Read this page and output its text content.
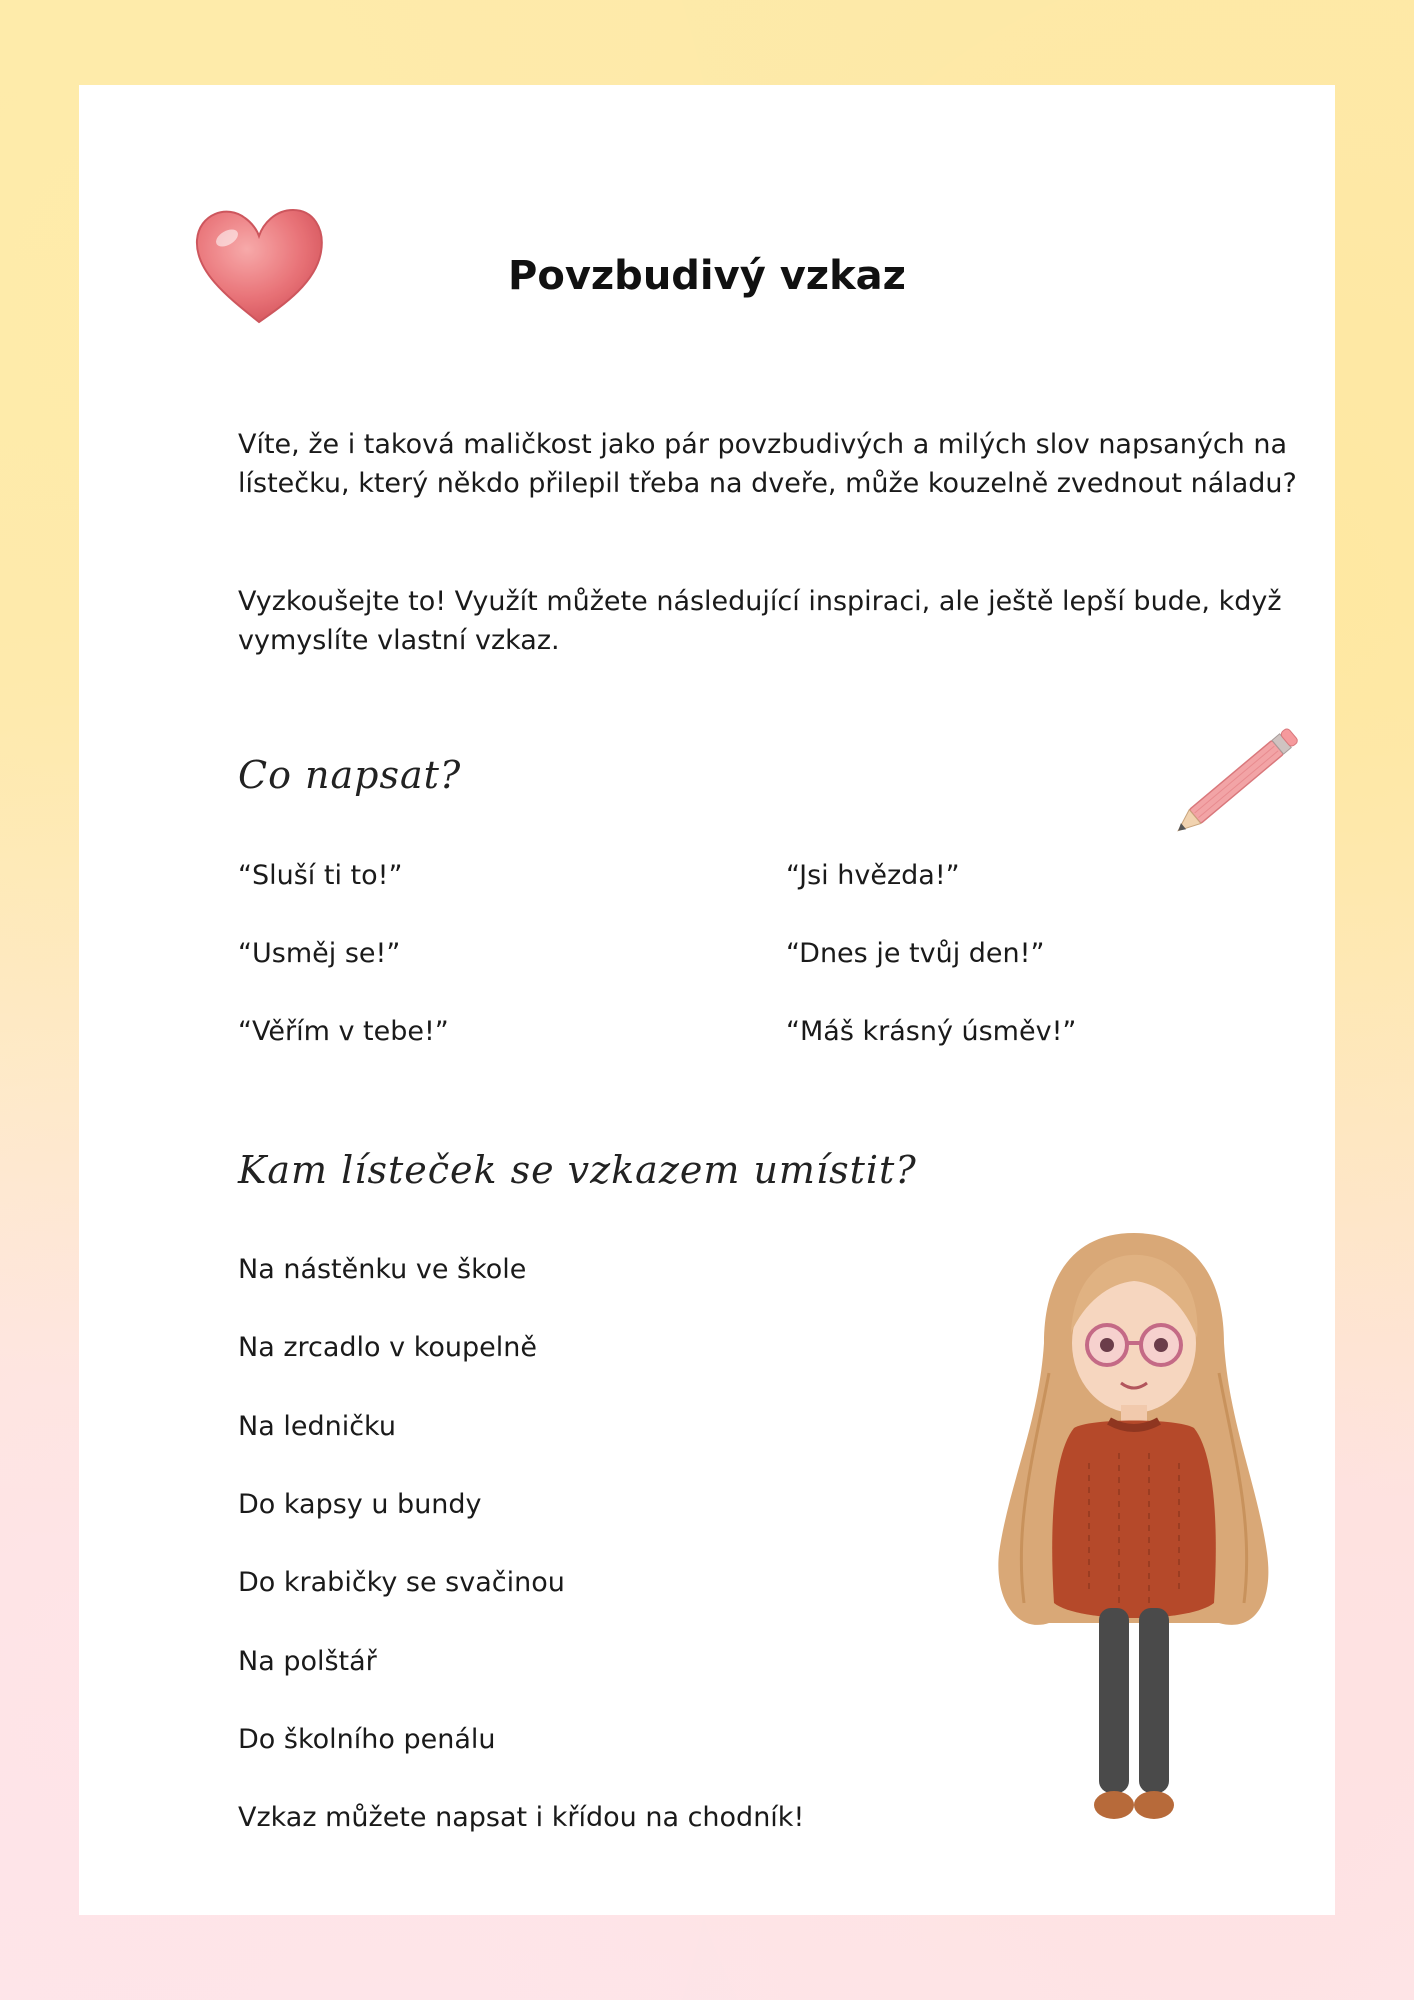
Povzbudivý vzkaz

Víte, že i taková maličkost jako pár povzbudivých a milých slov napsaných na lístečku, který někdo přilepil třeba na dveře, může kouzelně zvednout náladu?

Vyzkoušejte to! Využít můžete následující inspiraci, ale ještě lepší bude, když vymyslíte vlastní vzkaz.

Co napsat?

“Sluší ti to!”	“Jsi hvězda!”

“Usměj se!”	“Dnes je tvůj den!”

“Věřím v tebe!”	“Máš krásný úsměv!”

Kam lísteček se vzkazem umístit?

Na nástěnku ve škole

Na zrcadlo v koupelně

Na ledničku

Do kapsy u bundy

Do krabičky se svačinou

Na polštář

Do školního penálu

Vzkaz můžete napsat i křídou na chodník!
